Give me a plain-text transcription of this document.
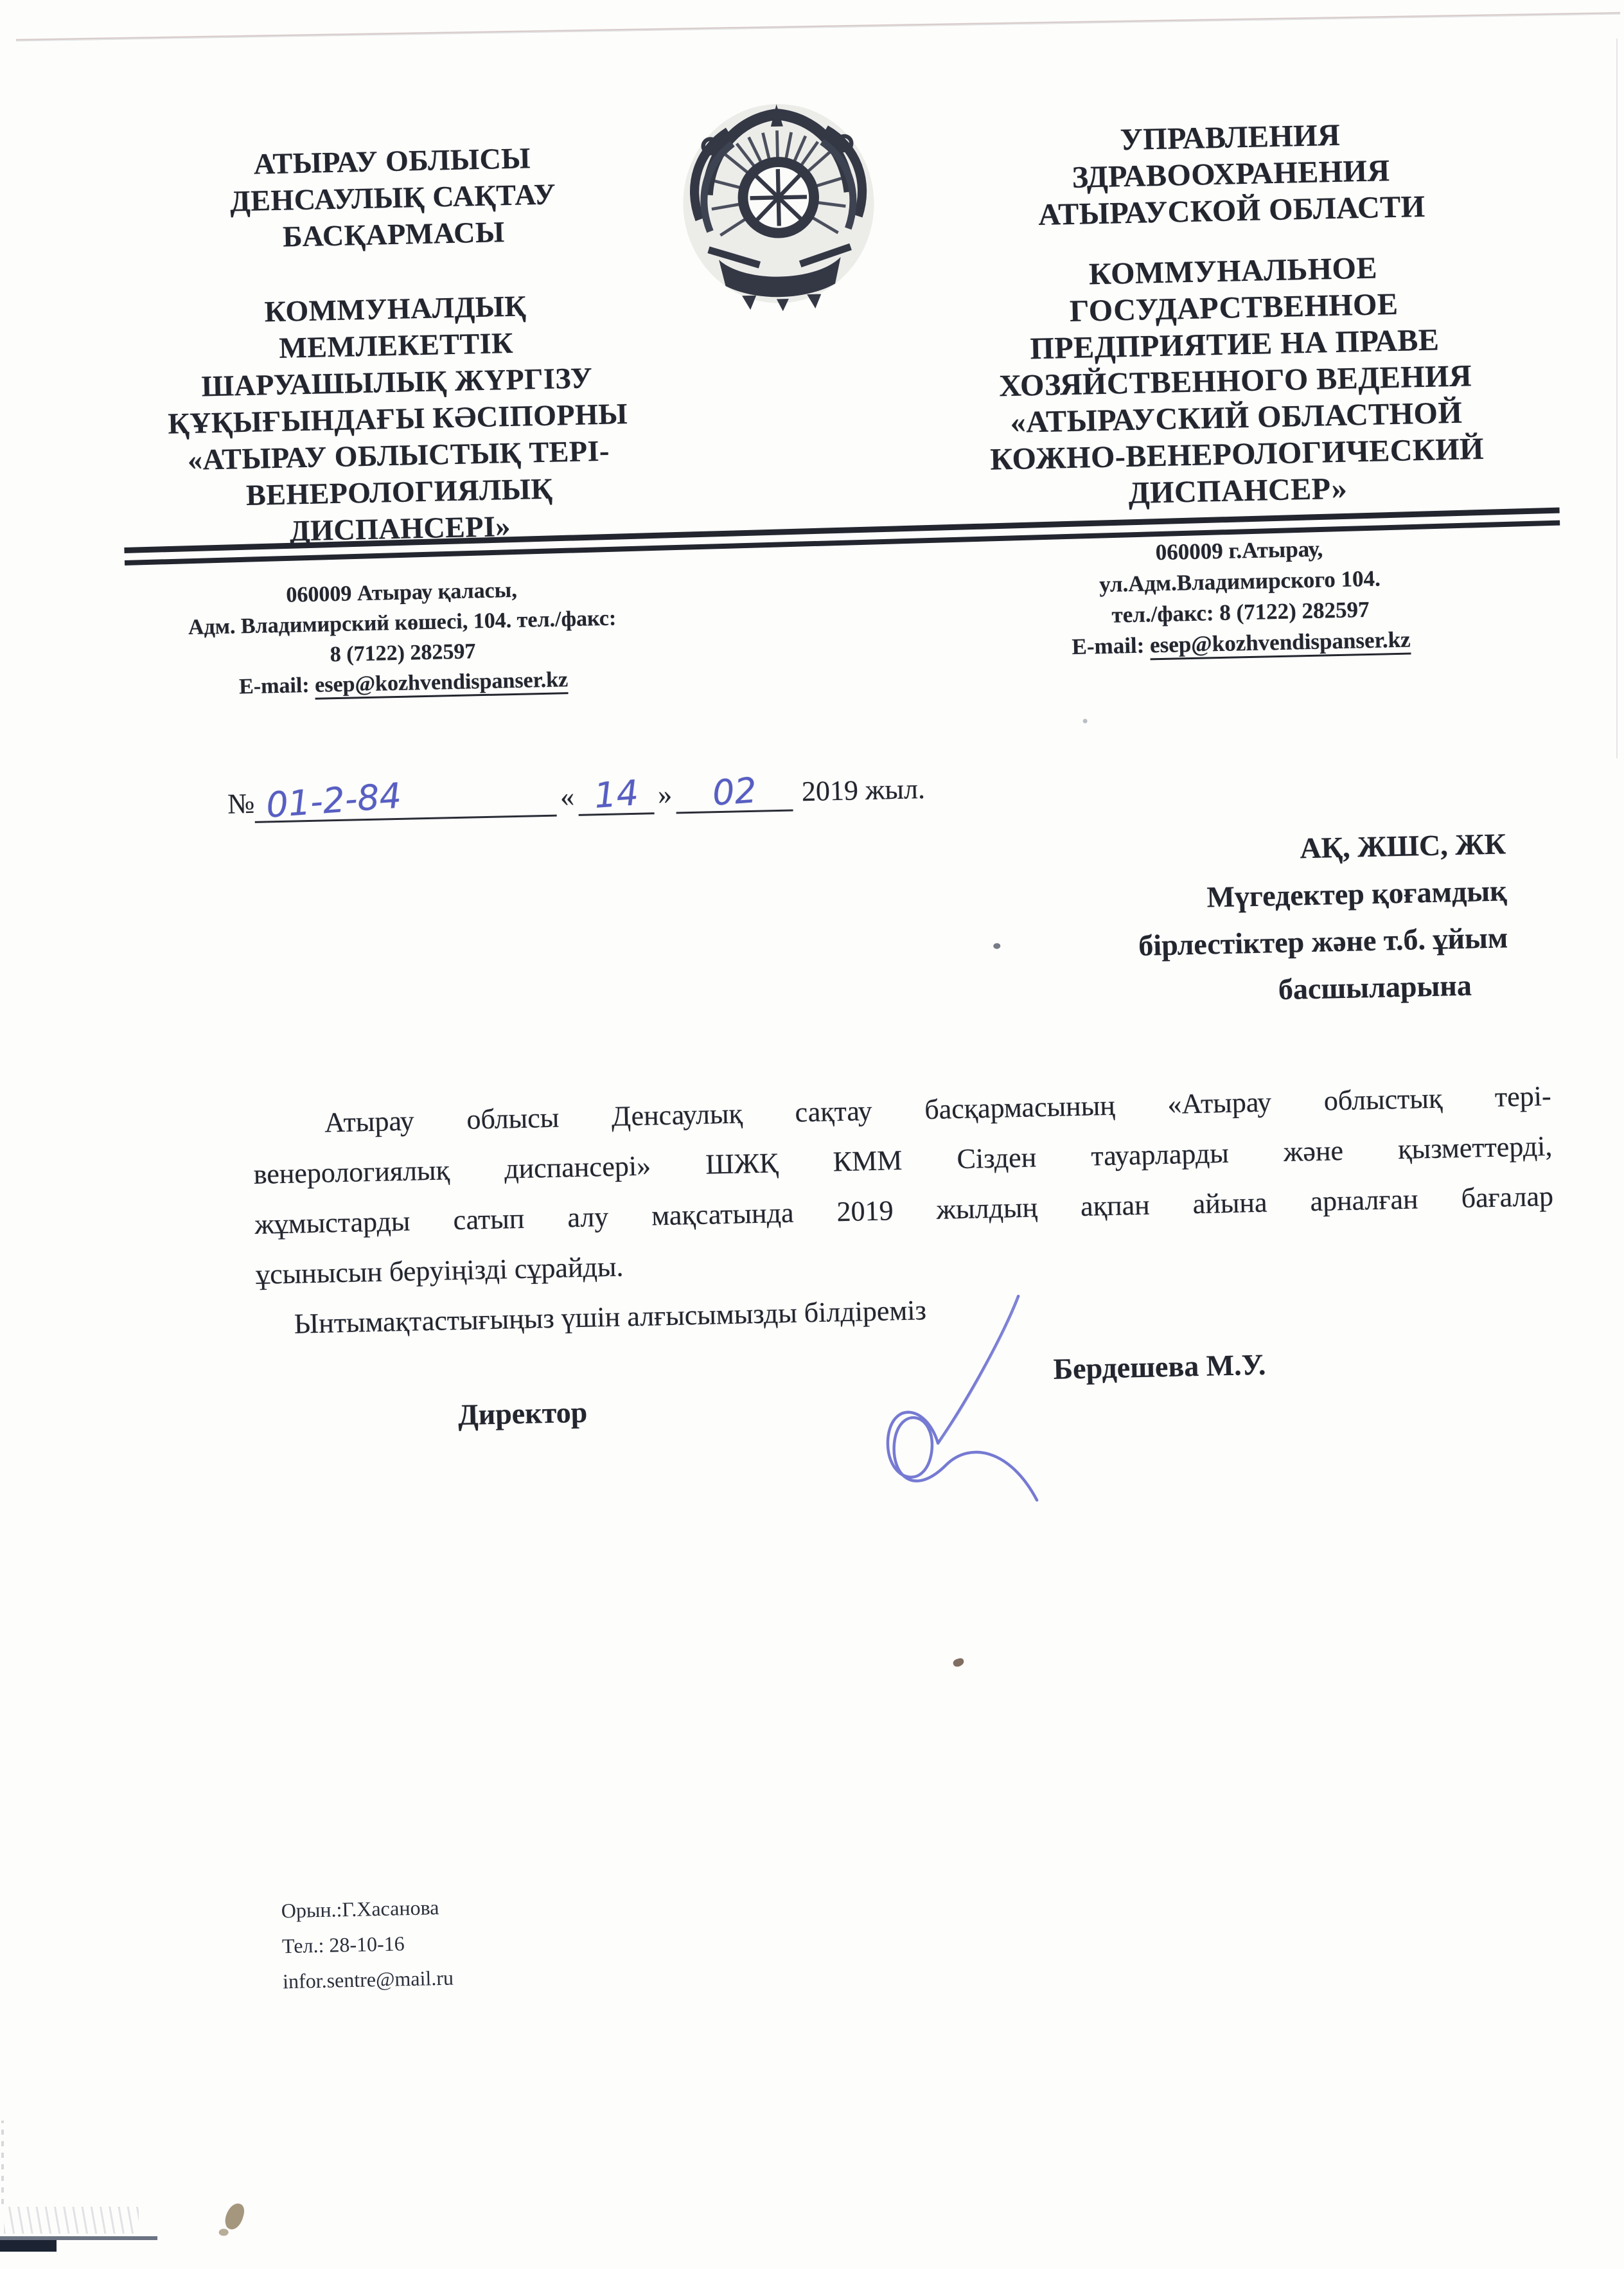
АТЫРАУ ОБЛЫСЫ
ДЕНСАУЛЫҚ САҚТАУ
БАСҚАРМАСЫ
КОММУНАЛДЫҚ
МЕМЛЕКЕТТІК
ШАРУАШЫЛЫҚ ЖҮРГІЗУ
ҚҰҚЫҒЫНДАҒЫ КӘСІПОРНЫ
«АТЫРАУ ОБЛЫСТЫҚ ТЕРІ-
ВЕНЕРОЛОГИЯЛЫҚ
ДИСПАНСЕРІ»
УПРАВЛЕНИЯ
ЗДРАВООХРАНЕНИЯ
АТЫРАУСКОЙ ОБЛАСТИ
КОММУНАЛЬНОЕ
ГОСУДАРСТВЕННОЕ
ПРЕДПРИЯТИЕ НА ПРАВЕ
ХОЗЯЙСТВЕННОГО ВЕДЕНИЯ
«АТЫРАУСКИЙ ОБЛАСТНОЙ
КОЖНО-ВЕНЕРОЛОГИЧЕСКИЙ
ДИСПАНСЕР»
060009 Атырау қаласы,
Адм. Владимирский көшесі, 104. тел./факс:
8 (7122) 282597
E-mail: esep@kozhvendispanser.kz
060009 г.Атырау,
ул.Адм.Владимирского 104.
тел./факс: 8 (7122) 282597
E-mail: esep@kozhvendispanser.kz
№ 01-2-84	« 14 » 02 2019 жыл.
АҚ, ЖШС, ЖК
Мүгедектер қоғамдық
бірлестіктер және т.б. ұйым
басшыларына
Атырау облысы Денсаулық сақтау басқармасының «Атырау облыстық тері-
венерологиялық диспансері» ШЖҚ КММ Сізден тауарларды және қызметтерді,
жұмыстарды сатып алу мақсатында 2019 жылдың ақпан айына арналған бағалар
ұсынысын беруіңізді сұрайды.
Ынтымақтастығыңыз үшін алғысымызды білдіреміз
Директор
Бердешева М.У.
Орын.:Г.Хасанова
Тел.: 28-10-16
infor.sentre@mail.ru
